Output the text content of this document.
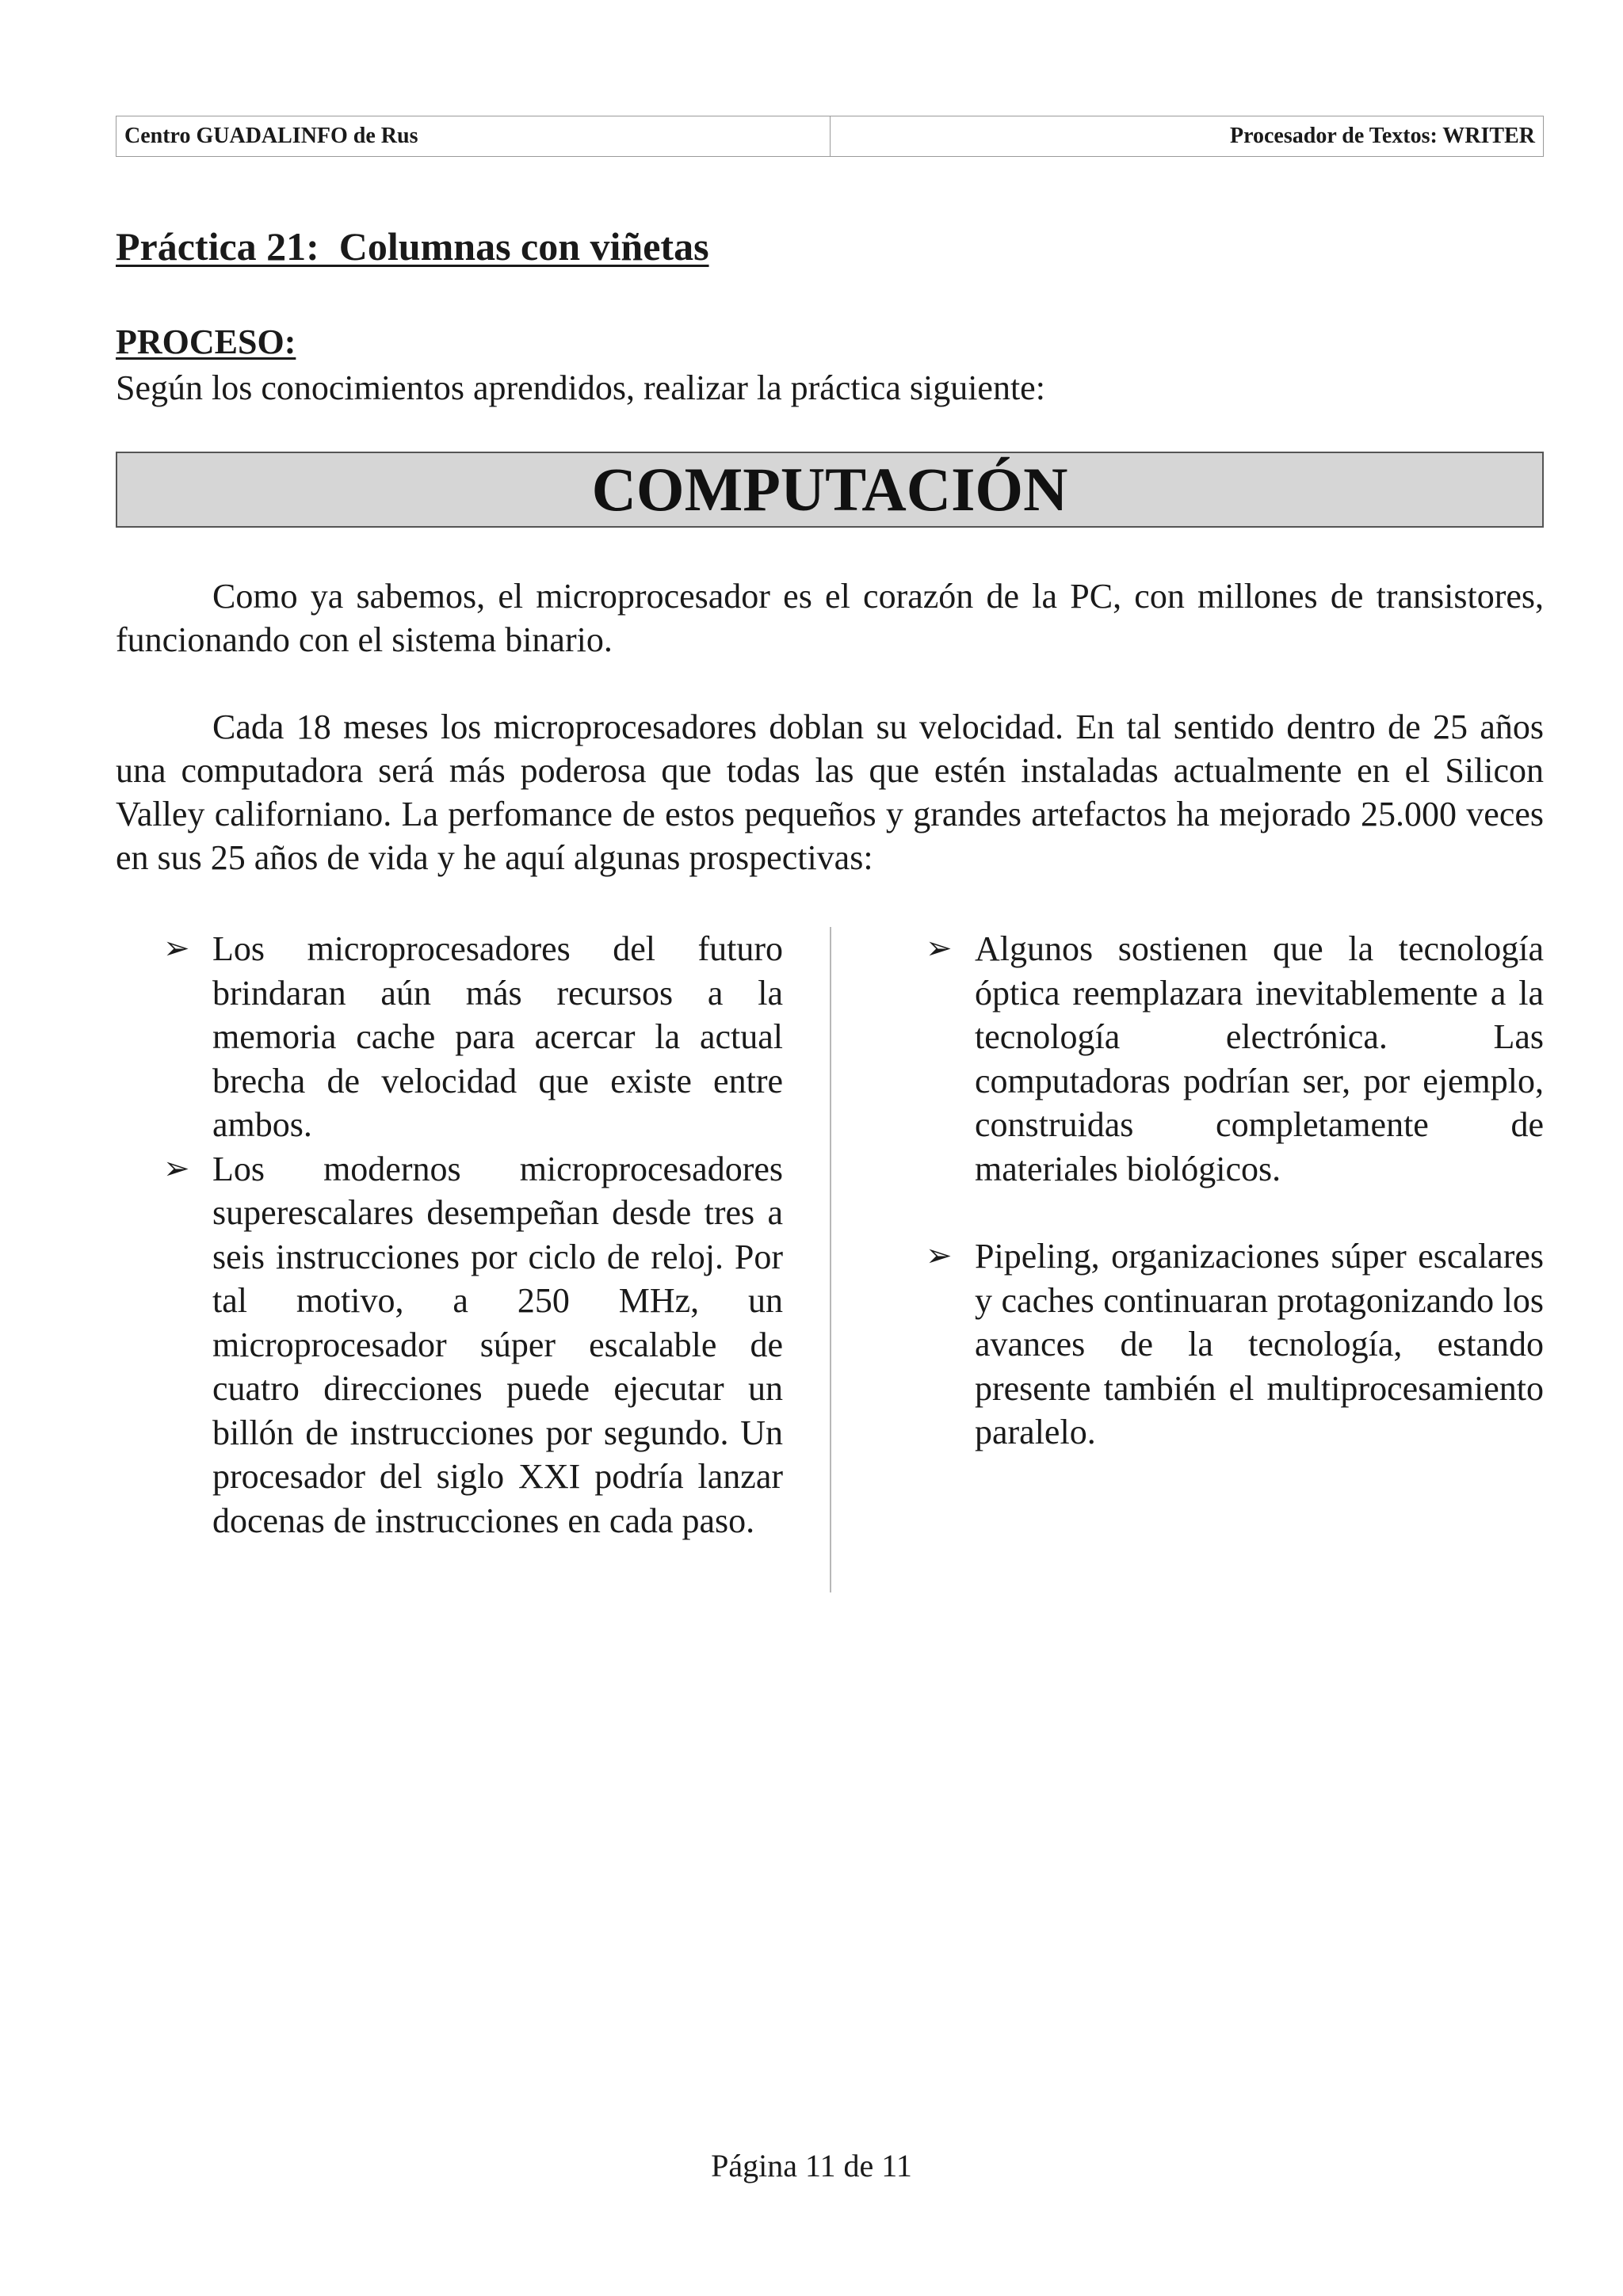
Centro GUADALINFO de Rus	Procesador de Textos: WRITER
Práctica 21:  Columnas con viñetas
PROCESO:
Según los conocimientos aprendidos, realizar la práctica siguiente:
COMPUTACIÓN
Como ya sabemos, el microprocesador es el corazón de la PC, con millones de transistores, funcionando con el sistema binario.
Cada 18 meses los microprocesadores doblan su velocidad. En tal sentido dentro de 25 años una computadora será más poderosa que todas las que estén instaladas actualmente en el Silicon Valley californiano. La perfomance de estos pequeños y grandes artefactos ha mejorado 25.000 veces en sus 25 años de vida y he aquí algunas prospectivas:
➢ Los microprocesadores del futuro brindaran aún más recursos a la memoria cache para acercar la actual brecha de velocidad que existe entre ambos.
➢ Los modernos microprocesadores superescalares desempeñan desde tres a seis instrucciones por ciclo de reloj. Por tal motivo, a 250 MHz, un microprocesador súper escalable de cuatro direcciones puede ejecutar un billón de instrucciones por segundo. Un procesador del siglo XXI podría lanzar docenas de instrucciones en cada paso.
➢ Algunos sostienen que la tecnología óptica reemplazara inevitablemente a la tecnología electrónica. Las computadoras podrían ser, por ejemplo, construidas completamente de materiales biológicos.
➢ Pipeling, organizaciones súper escalares y caches continuaran protagonizando los avances de la tecnología, estando presente también el multiprocesamiento paralelo.
Página 11 de 11
